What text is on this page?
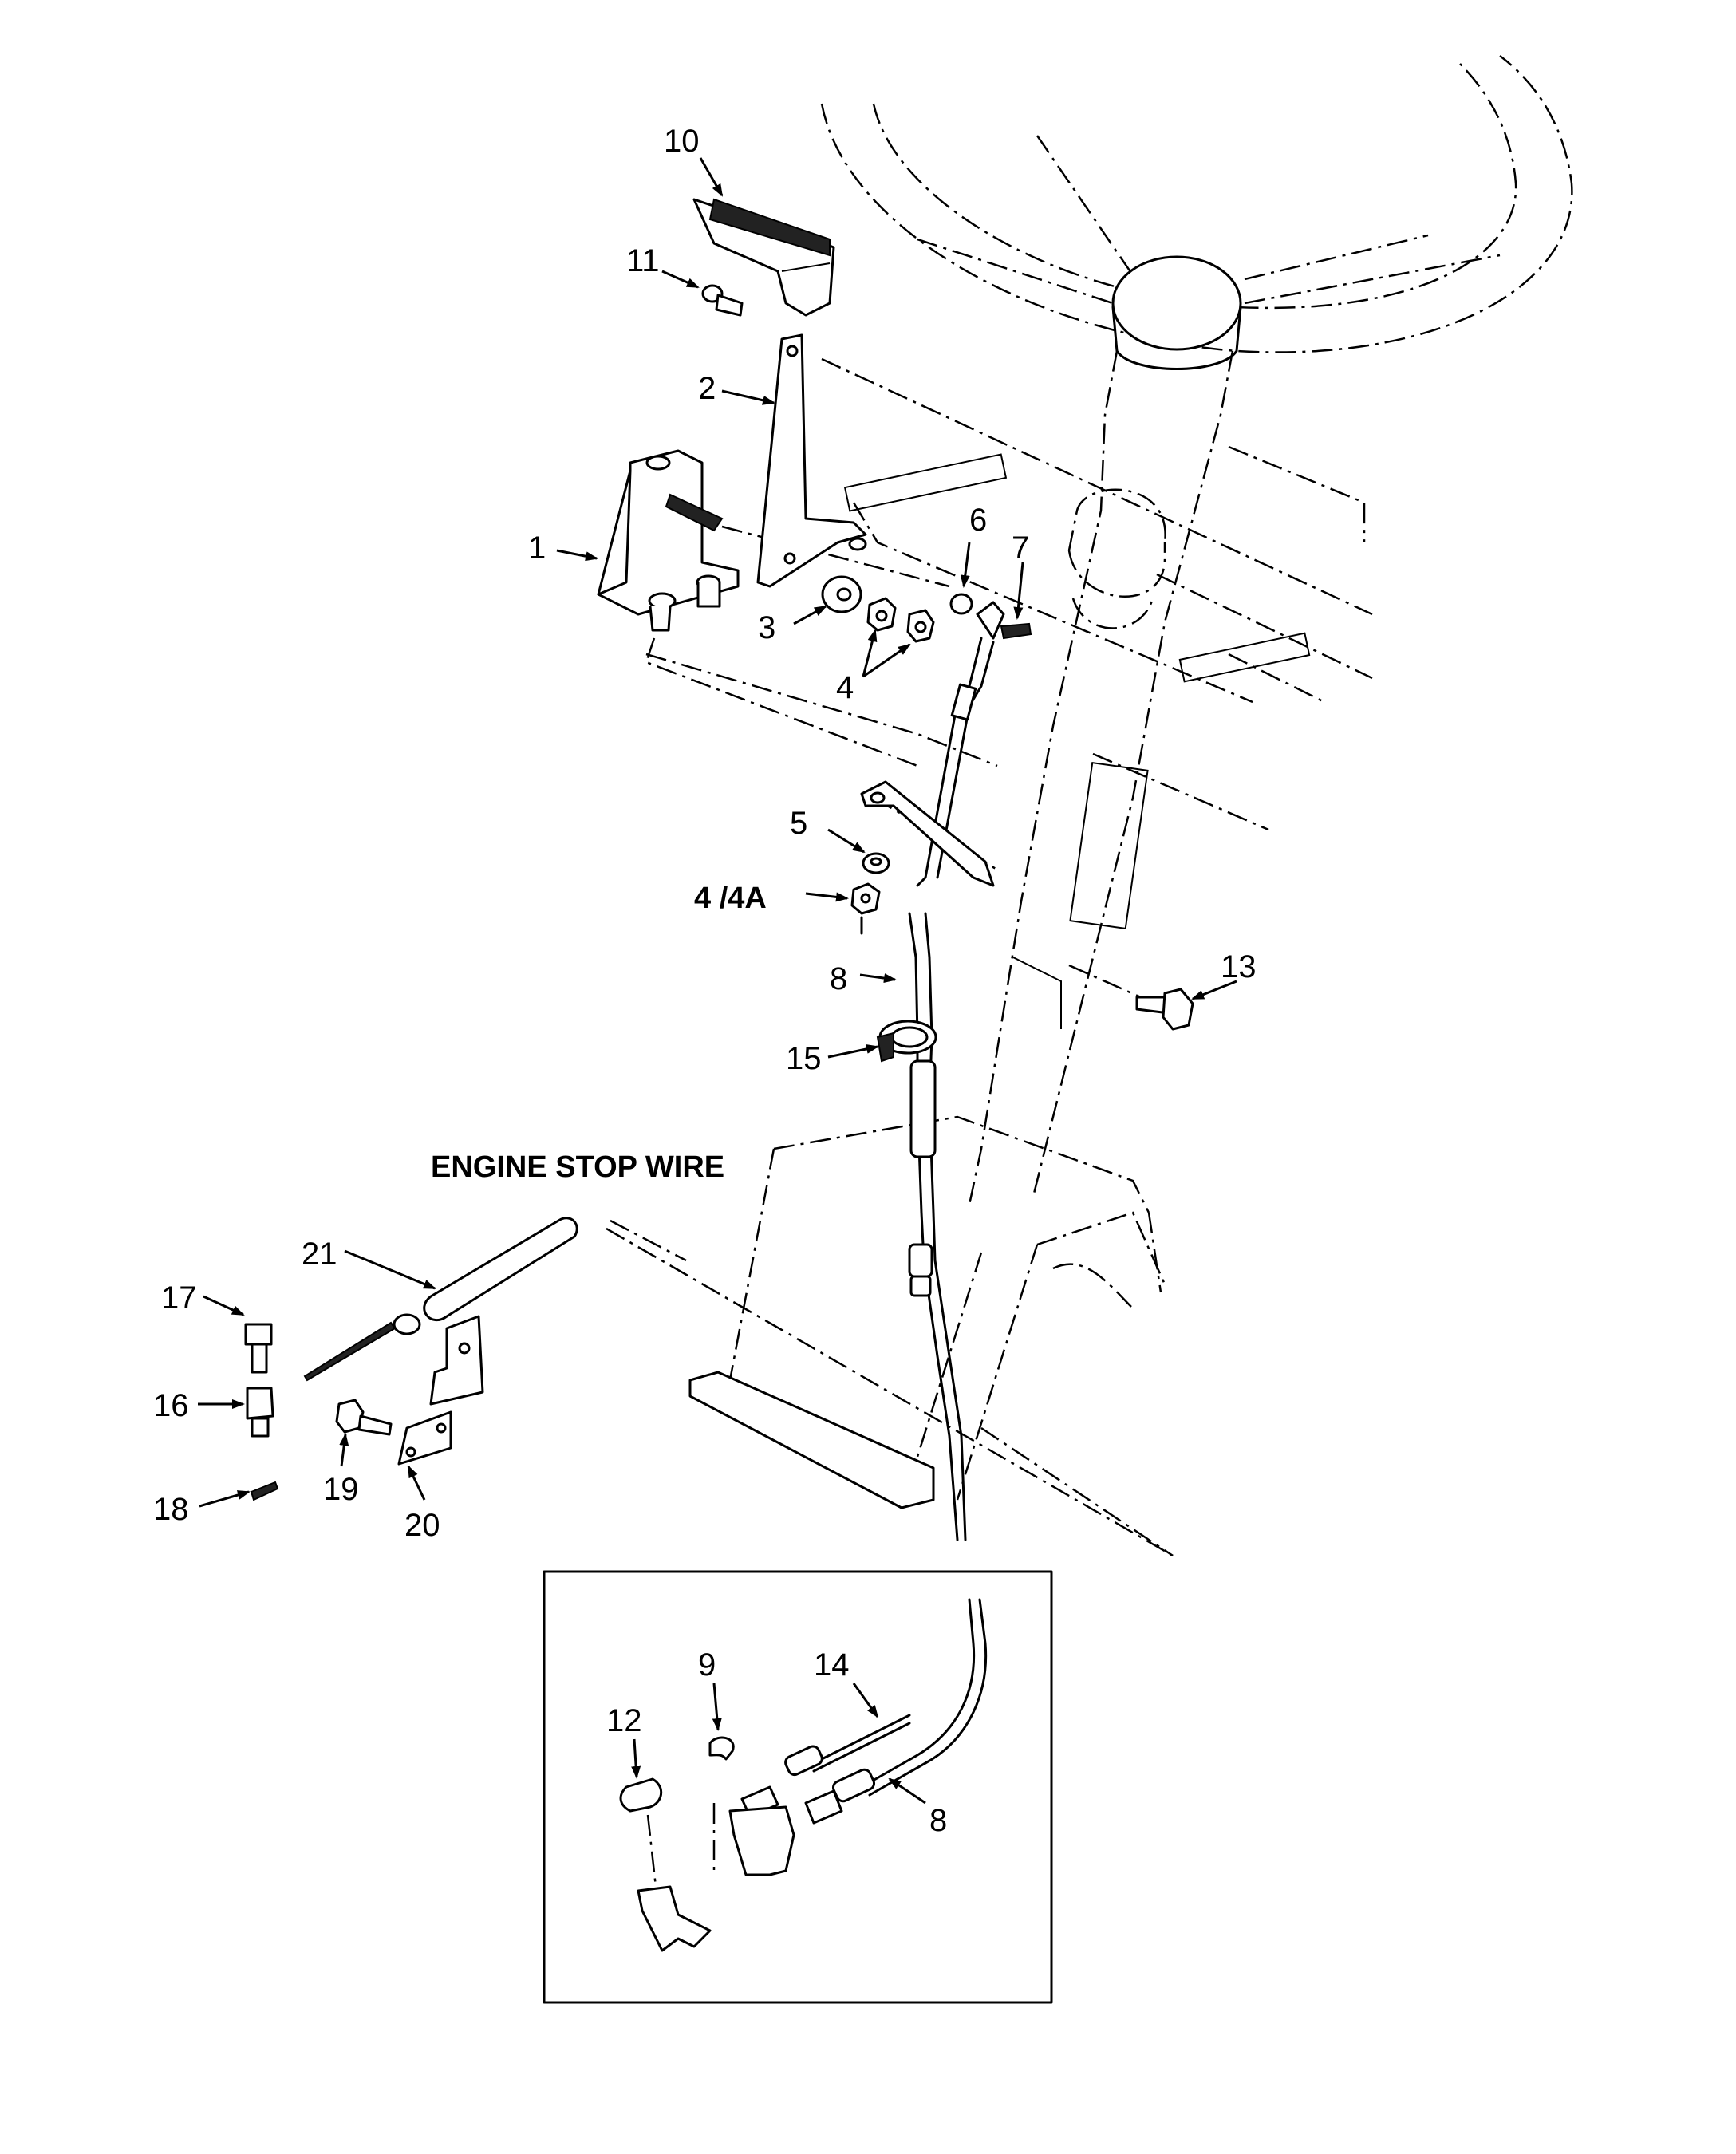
10
11
2
1
3
4
6
7
5
4 /4A
8
15
13
ENGINE STOP WIRE
21
17
16
19
18	20
9	14
12
8
